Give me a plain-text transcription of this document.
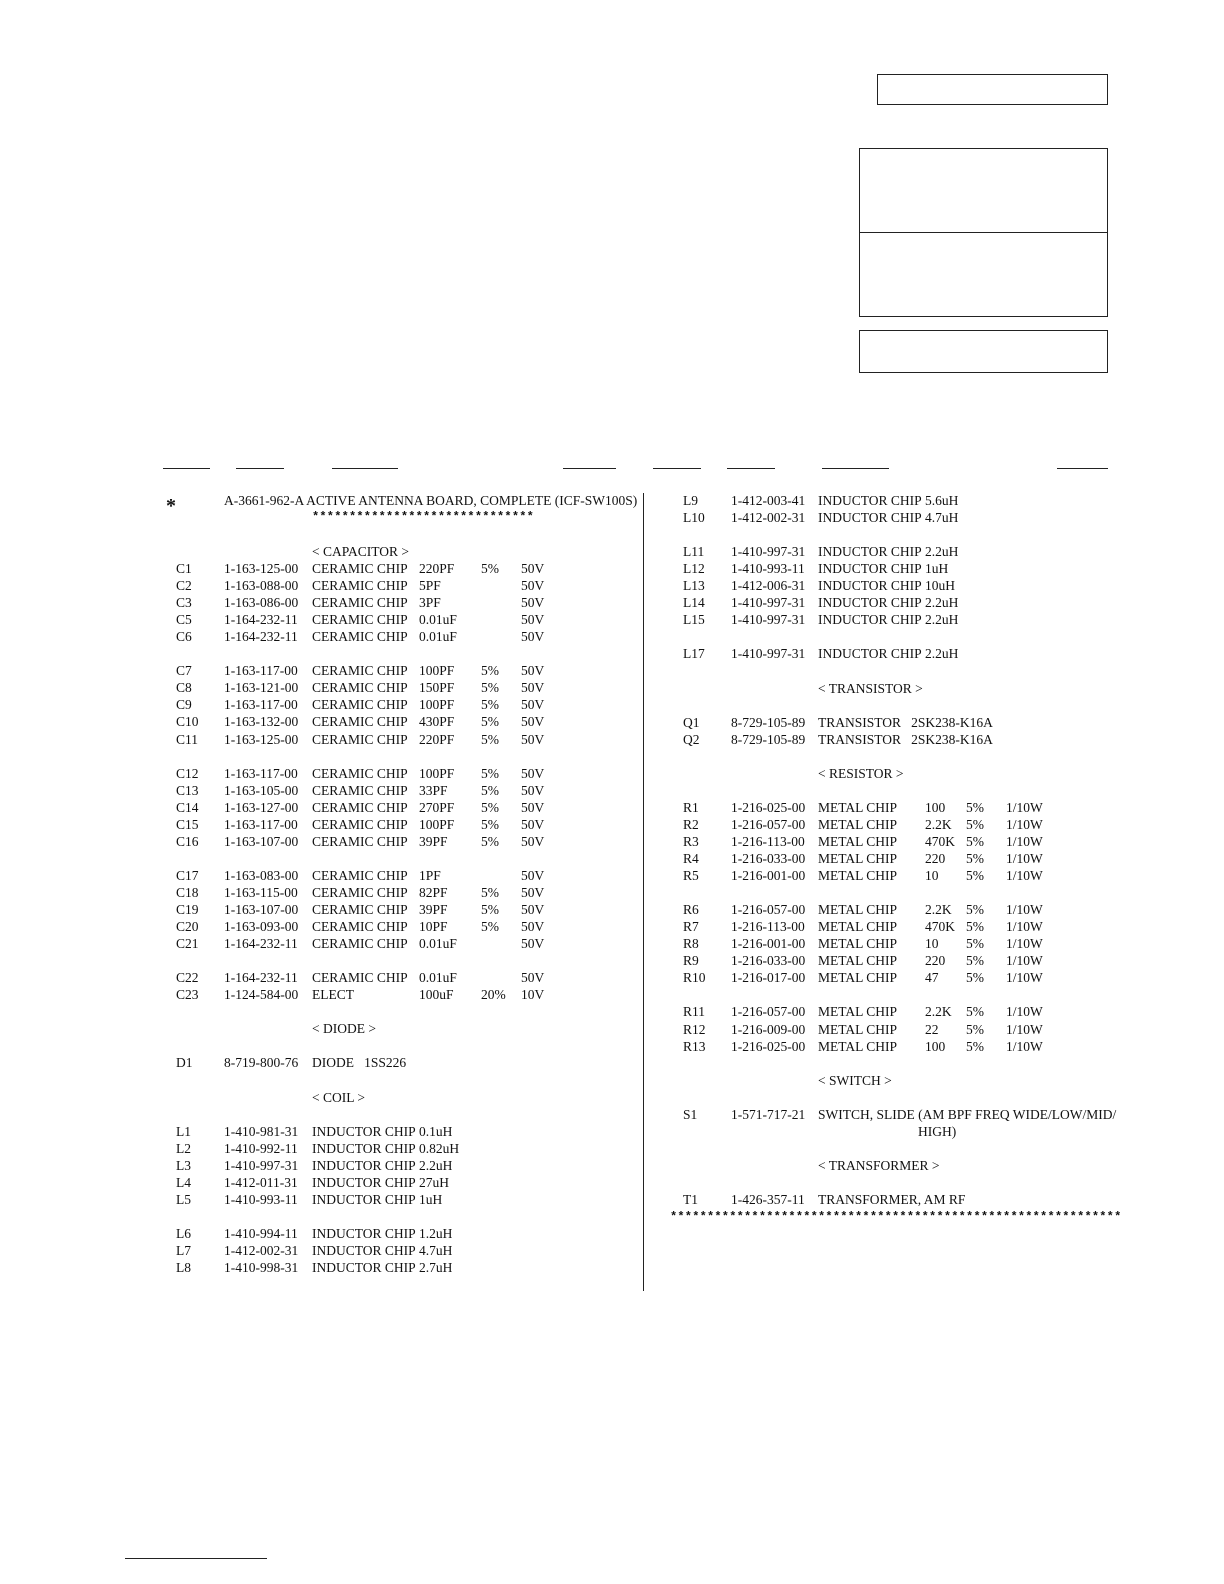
*	A-3661-962-A ACTIVE ANTENNA BOARD, COMPLETE (ICF-SW100S)
******************************
< CAPACITOR >
C1 1-163-125-00 CERAMIC CHIP 220PF 5% 50V
C2 1-163-088-00 CERAMIC CHIP 5PF	50V
C3 1-163-086-00 CERAMIC CHIP 3PF	50V
C5 1-164-232-11 CERAMIC CHIP 0.01uF	50V
C6 1-164-232-11 CERAMIC CHIP 0.01uF	50V
C7 1-163-117-00 CERAMIC CHIP 100PF 5% 50V
C8 1-163-121-00 CERAMIC CHIP 150PF 5% 50V
C9 1-163-117-00 CERAMIC CHIP 100PF 5% 50V
C10 1-163-132-00 CERAMIC CHIP 430PF 5% 50V
C11 1-163-125-00 CERAMIC CHIP 220PF 5% 50V
C12 1-163-117-00 CERAMIC CHIP 100PF 5% 50V
C13 1-163-105-00 CERAMIC CHIP 33PF 5% 50V
C14 1-163-127-00 CERAMIC CHIP 270PF 5% 50V
C15 1-163-117-00 CERAMIC CHIP 100PF 5% 50V
C16 1-163-107-00 CERAMIC CHIP 39PF 5% 50V
C17 1-163-083-00 CERAMIC CHIP 1PF	50V
C18 1-163-115-00 CERAMIC CHIP 82PF 5% 50V
C19 1-163-107-00 CERAMIC CHIP 39PF 5% 50V
C20 1-163-093-00 CERAMIC CHIP 10PF 5% 50V
C21 1-164-232-11 CERAMIC CHIP 0.01uF	50V
C22 1-164-232-11 CERAMIC CHIP 0.01uF	50V
C23 1-124-584-00 ELECT	100uF 20% 10V
< DIODE >
D1 8-719-800-76 DIODE   1SS226
< COIL >
L1 1-410-981-31 INDUCTOR CHIP 0.1uH
L2 1-410-992-11 INDUCTOR CHIP 0.82uH
L3 1-410-997-31 INDUCTOR CHIP 2.2uH
L4 1-412-011-31 INDUCTOR CHIP 27uH
L5 1-410-993-11 INDUCTOR CHIP 1uH
L6 1-410-994-11 INDUCTOR CHIP 1.2uH
L7 1-412-002-31 INDUCTOR CHIP 4.7uH
L8 1-410-998-31 INDUCTOR CHIP 2.7uH
L9 1-412-003-41 INDUCTOR CHIP 5.6uH
L10 1-412-002-31 INDUCTOR CHIP 4.7uH
L11 1-410-997-31 INDUCTOR CHIP 2.2uH
L12 1-410-993-11 INDUCTOR CHIP 1uH
L13 1-412-006-31 INDUCTOR CHIP 10uH
L14 1-410-997-31 INDUCTOR CHIP 2.2uH
L15 1-410-997-31 INDUCTOR CHIP 2.2uH
L17 1-410-997-31 INDUCTOR CHIP 2.2uH
< TRANSISTOR >
Q1 8-729-105-89 TRANSISTOR   2SK238-K16A
Q2 8-729-105-89 TRANSISTOR   2SK238-K16A
< RESISTOR >
R1 1-216-025-00 METAL CHIP 100 5% 1/10W
R2 1-216-057-00 METAL CHIP 2.2K 5% 1/10W
R3 1-216-113-00 METAL CHIP 470K 5% 1/10W
R4 1-216-033-00 METAL CHIP 220 5% 1/10W
R5 1-216-001-00 METAL CHIP 10 5% 1/10W
R6 1-216-057-00 METAL CHIP 2.2K 5% 1/10W
R7 1-216-113-00 METAL CHIP 470K 5% 1/10W
R8 1-216-001-00 METAL CHIP 10 5% 1/10W
R9 1-216-033-00 METAL CHIP 220 5% 1/10W
R10 1-216-017-00 METAL CHIP 47 5% 1/10W
R11 1-216-057-00 METAL CHIP 2.2K 5% 1/10W
R12 1-216-009-00 METAL CHIP 22 5% 1/10W
R13 1-216-025-00 METAL CHIP 100 5% 1/10W
< SWITCH >
S1 1-571-717-21 SWITCH, SLIDE (AM BPF FREQ WIDE/LOW/MID/
HIGH)
< TRANSFORMER >
T1 1-426-357-11 TRANSFORMER, AM RF
*************************************************************
